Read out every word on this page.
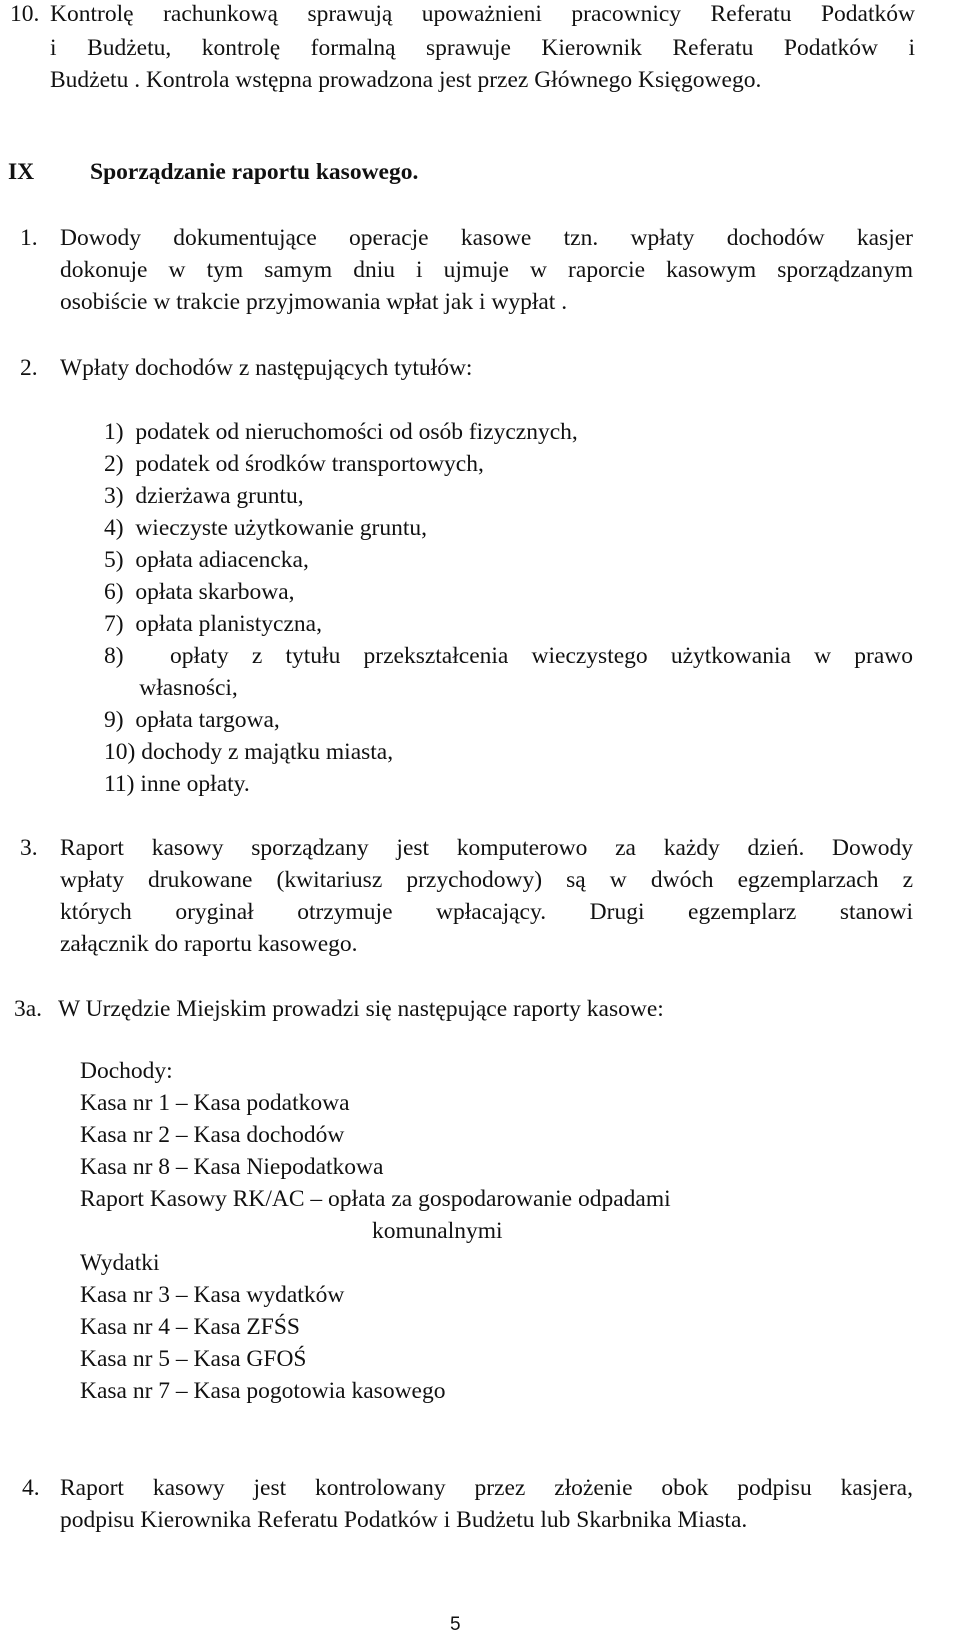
10. Kontrolę rachunkową sprawują upoważnieni pracownicy Referatu Podatków
i Budżetu, kontrolę formalną sprawuje Kierownik Referatu Podatków i
Budżetu . Kontrola wstępna prowadzona jest przez Głównego Księgowego.
IX Sporządzanie raportu kasowego.
1. Dowody dokumentujące operacje kasowe tzn. wpłaty dochodów kasjer
dokonuje w tym samym dniu i ujmuje w raporcie kasowym sporządzanym
osobiście w trakcie przyjmowania wpłat jak i wypłat .
2. Wpłaty dochodów z następujących tytułów:
1)  podatek od nieruchomości od osób fizycznych,
2)  podatek od środków transportowych,
3)  dzierżawa gruntu,
4)  wieczyste użytkowanie gruntu,
5)  opłata adiacencka,
6)  opłata skarbowa,
7)  opłata planistyczna,
8)  opłaty z tytułu przekształcenia wieczystego użytkowania w prawo
własności,
9)  opłata targowa,
10) dochody z majątku miasta,
11) inne opłaty.
3. Raport kasowy sporządzany jest komputerowo za każdy dzień. Dowody
wpłaty drukowane (kwitariusz przychodowy) są w dwóch egzemplarzach z
których oryginał otrzymuje wpłacający. Drugi egzemplarz stanowi
załącznik do raportu kasowego.
3a. W Urzędzie Miejskim prowadzi się następujące raporty kasowe:
Dochody:
Kasa nr 1 – Kasa podatkowa
Kasa nr 2 – Kasa dochodów
Kasa nr 8 – Kasa Niepodatkowa
Raport Kasowy RK/AC – opłata za gospodarowanie odpadami
komunalnymi
Wydatki
Kasa nr 3 – Kasa wydatków
Kasa nr 4 – Kasa ZFŚS
Kasa nr 5 – Kasa GFOŚ
Kasa nr 7 – Kasa pogotowia kasowego
4. Raport kasowy jest kontrolowany przez złożenie obok podpisu kasjera,
podpisu Kierownika Referatu Podatków i Budżetu lub Skarbnika Miasta.
5
